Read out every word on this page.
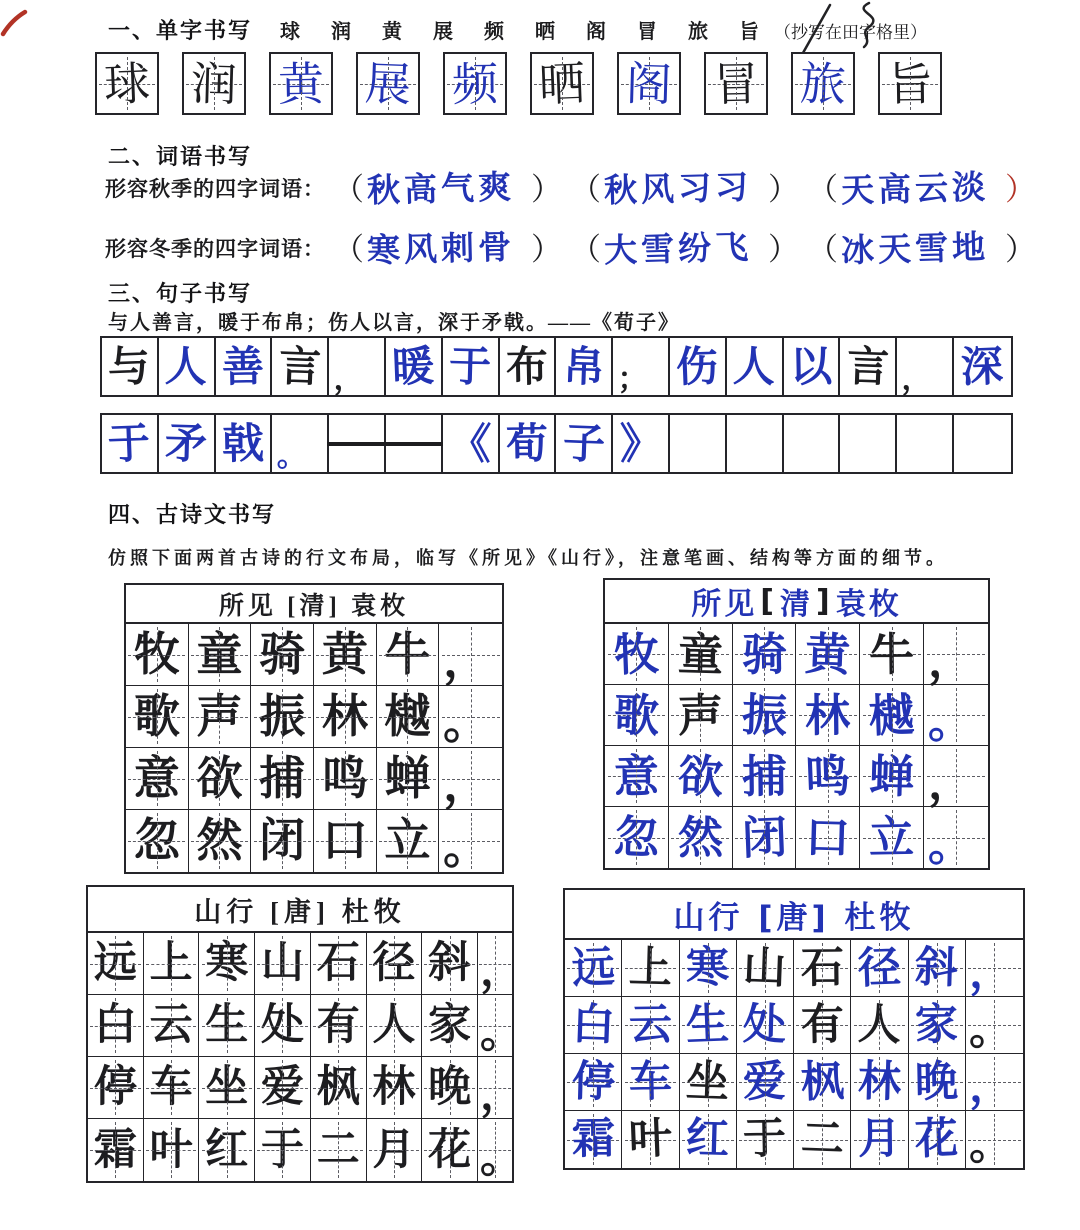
一、单字书写 球 润 黄 展 频 晒 阁 冒 旅 旨 （抄写在田字格里）
球 润 黄 展 频 晒 阁 冒 旅 旨
二、词语书写
形容秋季的四字词语： （ 秋高气爽 ） （ 秋风习习 ） （ 天高云淡 ）
形容冬季的四字词语： （ 寒风刺骨 ） （ 大雪纷飞 ） （ 冰天雪地 ）
三、句子书写
与人善言，暖于布帛；伤人以言，深于矛戟。——《荀子》
与 人 善 言 ， 暖 于 布 帛 ； 伤 人 以 言 ， 深
于 矛 戟 。	《 荀 子 》
四、古诗文书写
仿照下面两首古诗的行文布局，临写《所见》《山行》，注意笔画、结构等方面的细节。
所见 [清] 袁枚
牧 童 骑 黄 牛 ，
歌 声 振 林 樾 。
意 欲 捕 鸣 蝉 ，
忽 然 闭 口 立 。
所见 [ 清 ] 袁枚
牧 童 骑 黄 牛 ，
歌 声 振 林 樾 。
意 欲 捕 鸣 蝉 ，
忽 然 闭 口 立 。
山行 [唐] 杜牧
远 上 寒 山 石 径 斜 ，
白 云 生 处 有 人 家 。
停 车 坐 爱 枫 林 晚 ，
霜 叶 红 于 二 月 花 。
山行 [唐] 杜牧
远 上 寒 山 石 径 斜 ，
白 云 生 处 有 人 家 。
停 车 坐 爱 枫 林 晚 ，
霜 叶 红 于 二 月 花 。
